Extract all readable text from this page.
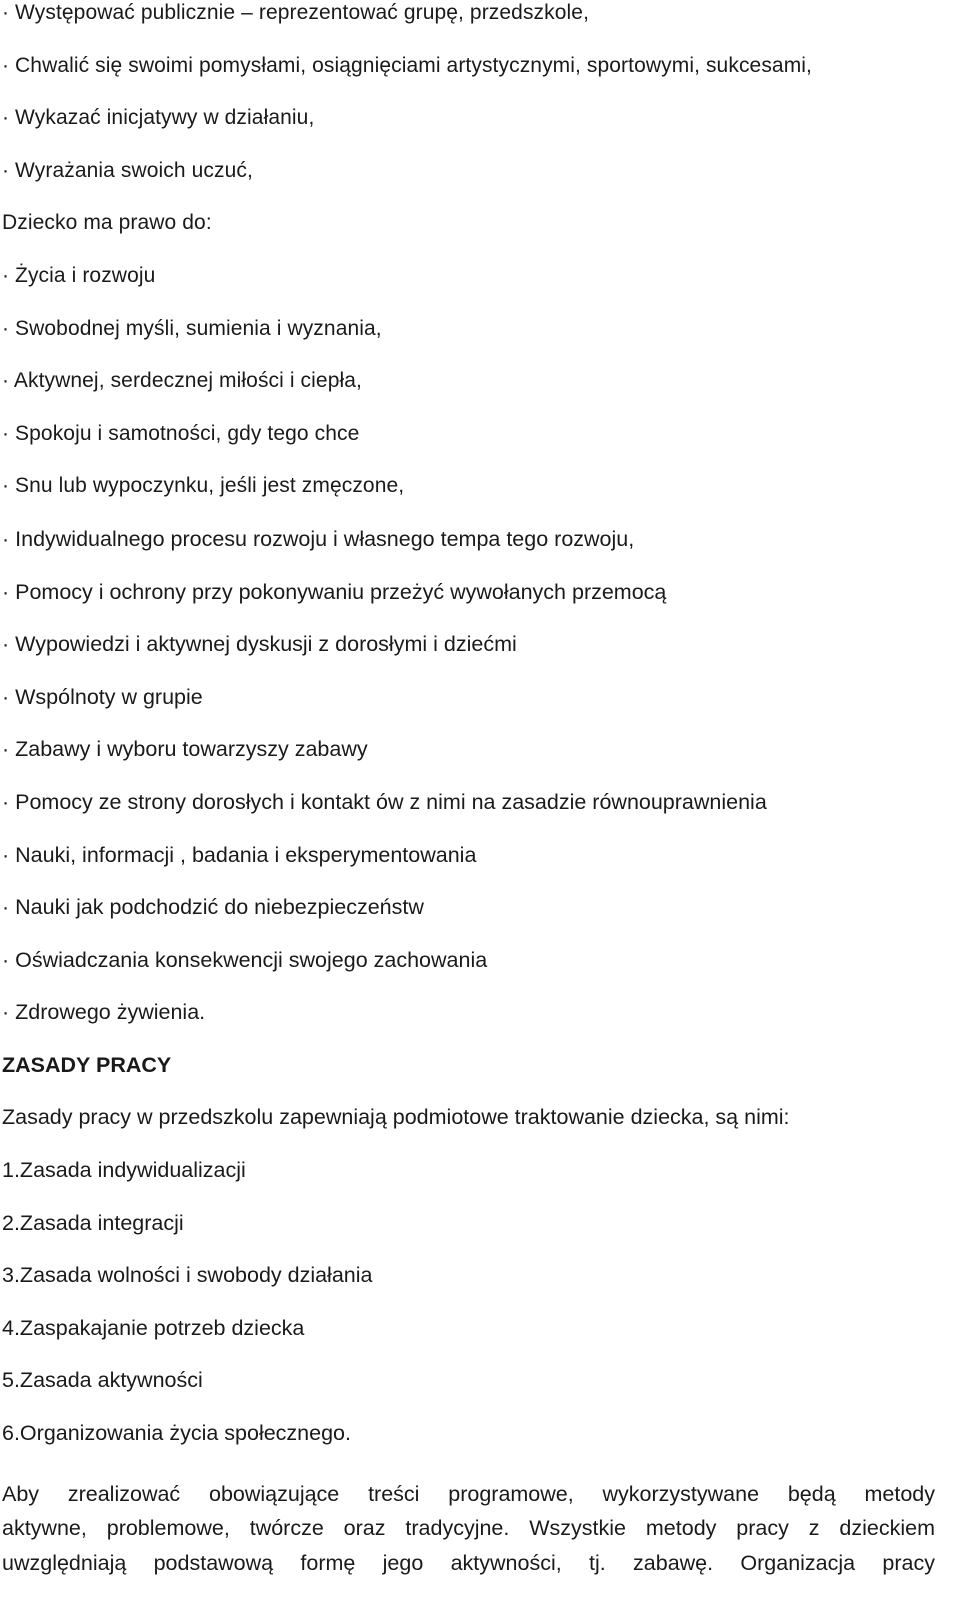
· Występować publicznie – reprezentować grupę, przedszkole,
· Chwalić się swoimi pomysłami, osiągnięciami artystycznymi, sportowymi, sukcesami,
· Wykazać inicjatywy w działaniu,
· Wyrażania swoich uczuć,
Dziecko ma prawo do:
· Życia i rozwoju
· Swobodnej myśli, sumienia i wyznania,
· Aktywnej, serdecznej miłości i ciepła,
· Spokoju i samotności, gdy tego chce
· Snu lub wypoczynku, jeśli jest zmęczone,
· Indywidualnego procesu rozwoju i własnego tempa tego rozwoju,
· Pomocy i ochrony przy pokonywaniu przeżyć wywołanych przemocą
· Wypowiedzi i aktywnej dyskusji z dorosłymi i dziećmi
· Wspólnoty w grupie
· Zabawy i wyboru towarzyszy zabawy
· Pomocy ze strony dorosłych i kontakt ów z nimi na zasadzie równouprawnienia
· Nauki, informacji , badania i eksperymentowania
· Nauki jak podchodzić do niebezpieczeństw
· Oświadczania konsekwencji swojego zachowania
· Zdrowego żywienia.
ZASADY PRACY
Zasady pracy w przedszkolu zapewniają podmiotowe traktowanie dziecka, są nimi:
1.Zasada indywidualizacji
2.Zasada integracji
3.Zasada wolności i swobody działania
4.Zaspakajanie potrzeb dziecka
5.Zasada aktywności
6.Organizowania życia społecznego.
Aby zrealizować obowiązujące treści programowe, wykorzystywane będą metody
aktywne, problemowe, twórcze oraz tradycyjne. Wszystkie metody pracy z dzieckiem
uwzględniają podstawową formę jego aktywności, tj. zabawę. Organizacja pracy
